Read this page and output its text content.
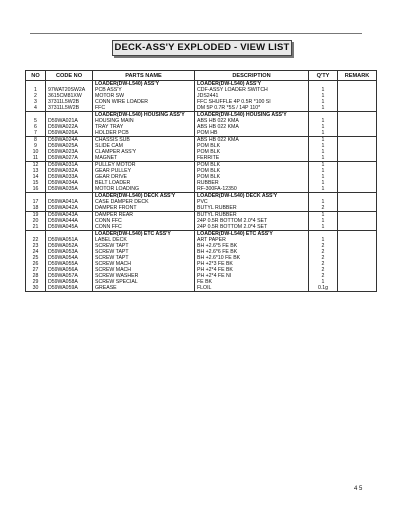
DECK-ASS'Y EXPLODED - VIEW LIST
NO	CODE NO	PARTS NAME	DESCRIPTION	Q'TY	REMARK
		LOADER(DW-L540) ASS'Y	LOADER(DW-L540) ASS'Y		
1	97WAT20SW2A	PCB ASS'Y	CDF-ASSY LOADER SWITCH	1	
2	3615CM81XW	MOTOR SW	JDS2441	1	
3	37311L5W2B	CONN WIRE LOADER	FFC SHUFFLE 4P 0.5R *100 SI	1	
4	37311L5W2B	FFC	DM 5P 0.7R *5S / 14P 110*	1	
		LOADER(DW-L540) HOUSING ASS'Y	LOADER(DW-L540) HOUSING ASS'Y		
5	D59WA021A	HOUSING MAIN	ABS HB 022 KMA	1	
6	D59WA022A	TRAY TRAY	ABS HB 022 KMA	1	
7	D59WA026A	HOLDER PCB	POM HB	1	
8	D59WA024A	CHASSIS SUB	ABS HB 022 KMA	1	
9	D59WA025A	SLIDE CAM	POM BLK	1	
10	D59WA023A	CLAMPER ASS'Y	POM BLK	1	
11	D59WA027A	MAGNET	FERRITE	1	
12	D59WA031A	PULLEY MOTOR	POM BLK	1	
13	D59WA032A	GEAR PULLEY	POM BLK	1	
14	D59WA033A	GEAR DRIVE	POM BLK	1	
15	D59WA034A	BELT LOADER	RUBBER	1	
16	D59WA035A	MOTOR LOADING	RF-300FA-12350	1	
		LOADER(DW-L540) DECK ASS'Y	LOADER(DW-L540) DECK ASS'Y		
17	D59WA041A	CASE DAMPER DECK	PVC	1	
18	D59WA042A	DAMPER FRONT	BUTYL RUBBER	2	
19	D59WA043A	DAMPER REAR	BUTYL RUBBER	1	
20	D59WA044A	CONN FFC	24P 0.5R BOTTOM 2.0*4 SET	1	
21	D59WA045A	CONN FFC	24P 0.5R BOTTOM 2.0*4 SET	1	
		LOADER(DW-L540) ETC ASS'Y	LOADER(DW-L540) ETC ASS'Y		
22	D59WA051A	LABEL DECK	ART PAPER	1	
23	D59WA052A	SCREW TAPT	BH +2.6*5 FE BK	2	
24	D59WA053A	SCREW TAPT	BH +2.6*6 FE BK	2	
25	D59WA054A	SCREW TAPT	BH +2.6*10 FE BK	2	
26	D59WA055A	SCREW MACH	PH +2*3 FE BK	2	
27	D59WA056A	SCREW MACH	PH +2*4 FE BK	2	
28	D59WA057A	SCREW WASHER	PH +2*4 FE NI	2	
29	D59WA058A	SCREW SPECIAL	FE BK	1	
30	D59WA059A	GREASE	FLOIL	0.1g	
4 5
